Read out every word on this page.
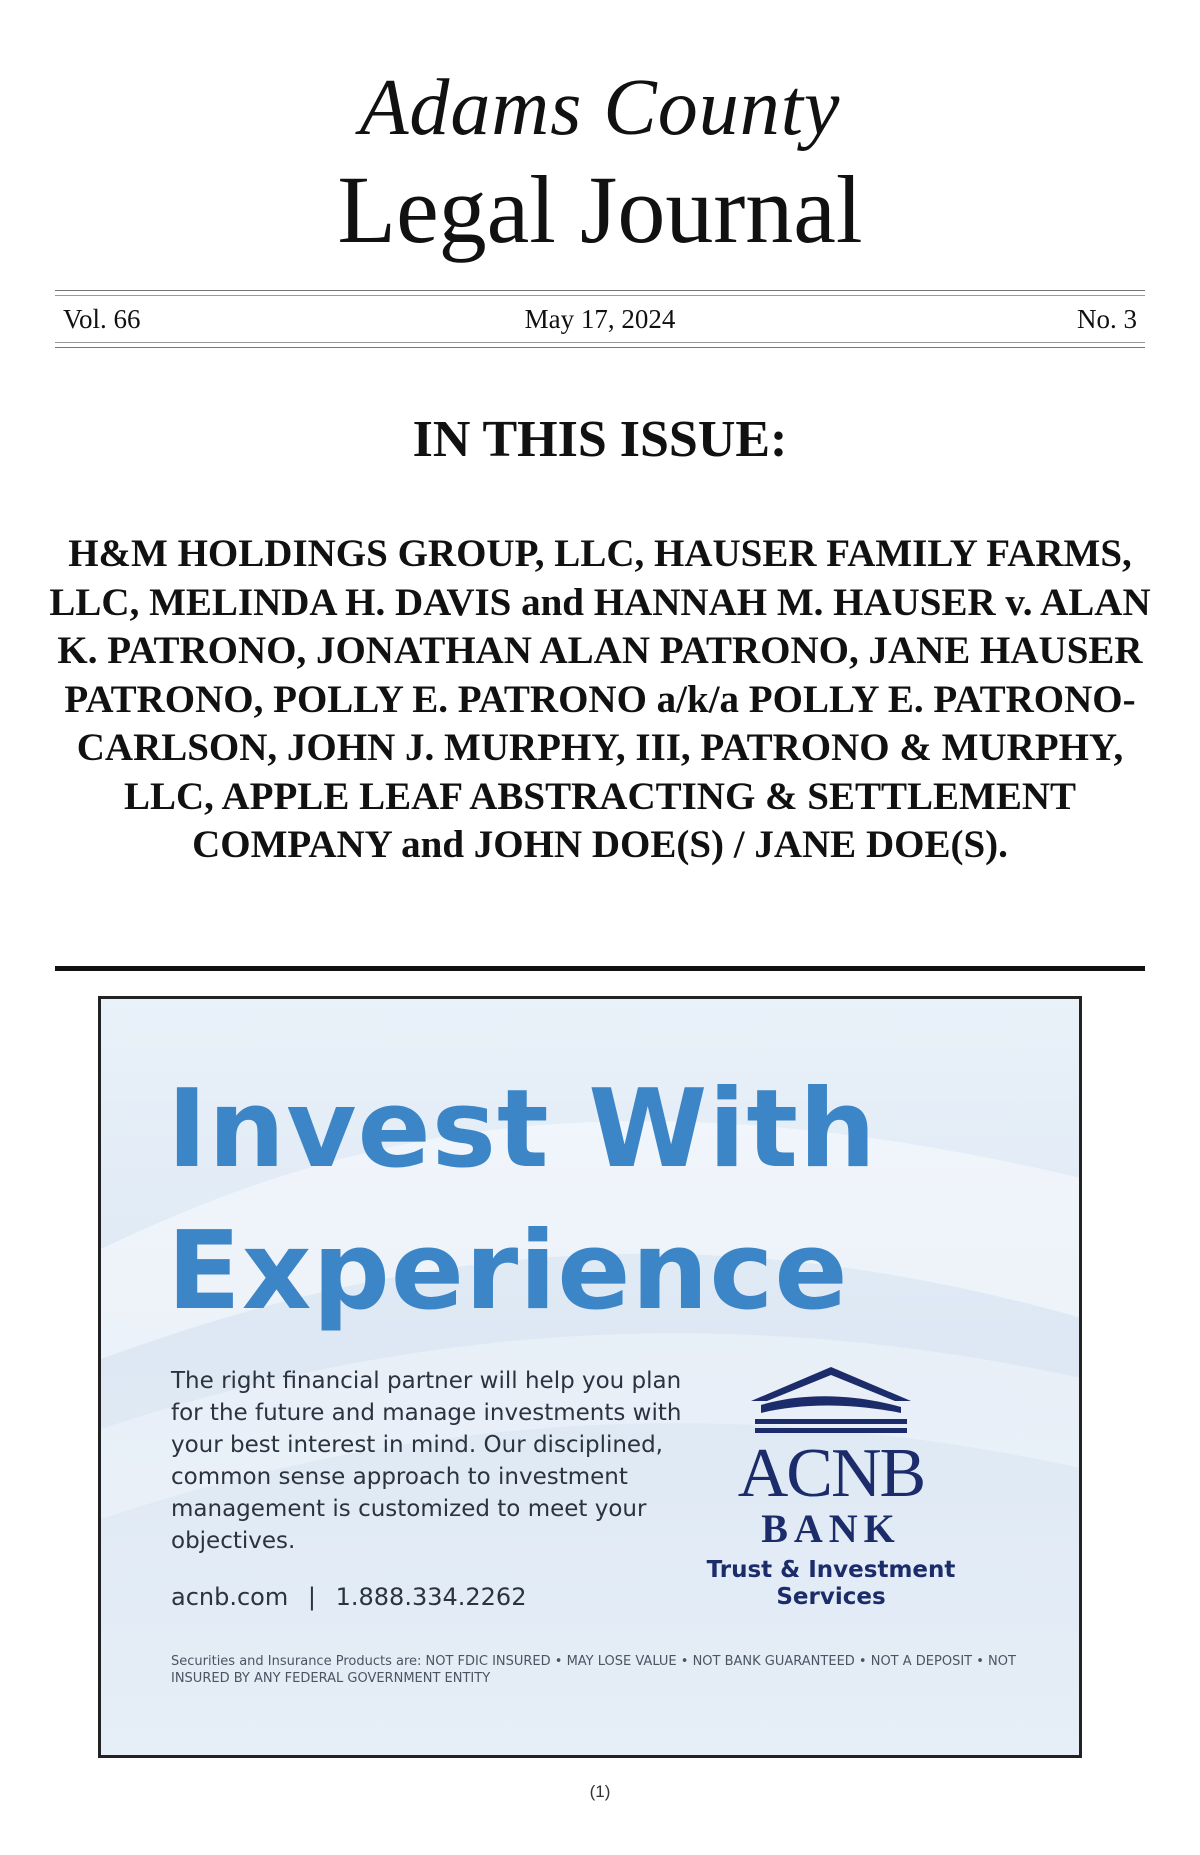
Adams County
Legal Journal
Vol. 66	May 17, 2024	No. 3
IN THIS ISSUE:
H&M HOLDINGS GROUP, LLC, HAUSER FAMILY FARMS, LLC, MELINDA H. DAVIS and HANNAH M. HAUSER v. ALAN K. PATRONO, JONATHAN ALAN PATRONO, JANE HAUSER PATRONO, POLLY E. PATRONO a/k/a POLLY E. PATRONO-CARLSON, JOHN J. MURPHY, III, PATRONO & MURPHY, LLC, APPLE LEAF ABSTRACTING & SETTLEMENT COMPANY and JOHN DOE(S) / JANE DOE(S).
Invest With
Experience
The right financial partner will help you plan for the future and manage investments with your best interest in mind. Our disciplined, common sense approach to investment management is customized to meet your objectives.
acnb.com | 1.888.334.2262
Securities and Insurance Products are: NOT FDIC INSURED • MAY LOSE VALUE • NOT BANK GUARANTEED • NOT A DEPOSIT • NOT INSURED BY ANY FEDERAL GOVERNMENT ENTITY
ACNB
BANK
Trust & Investment
Services
(1)
